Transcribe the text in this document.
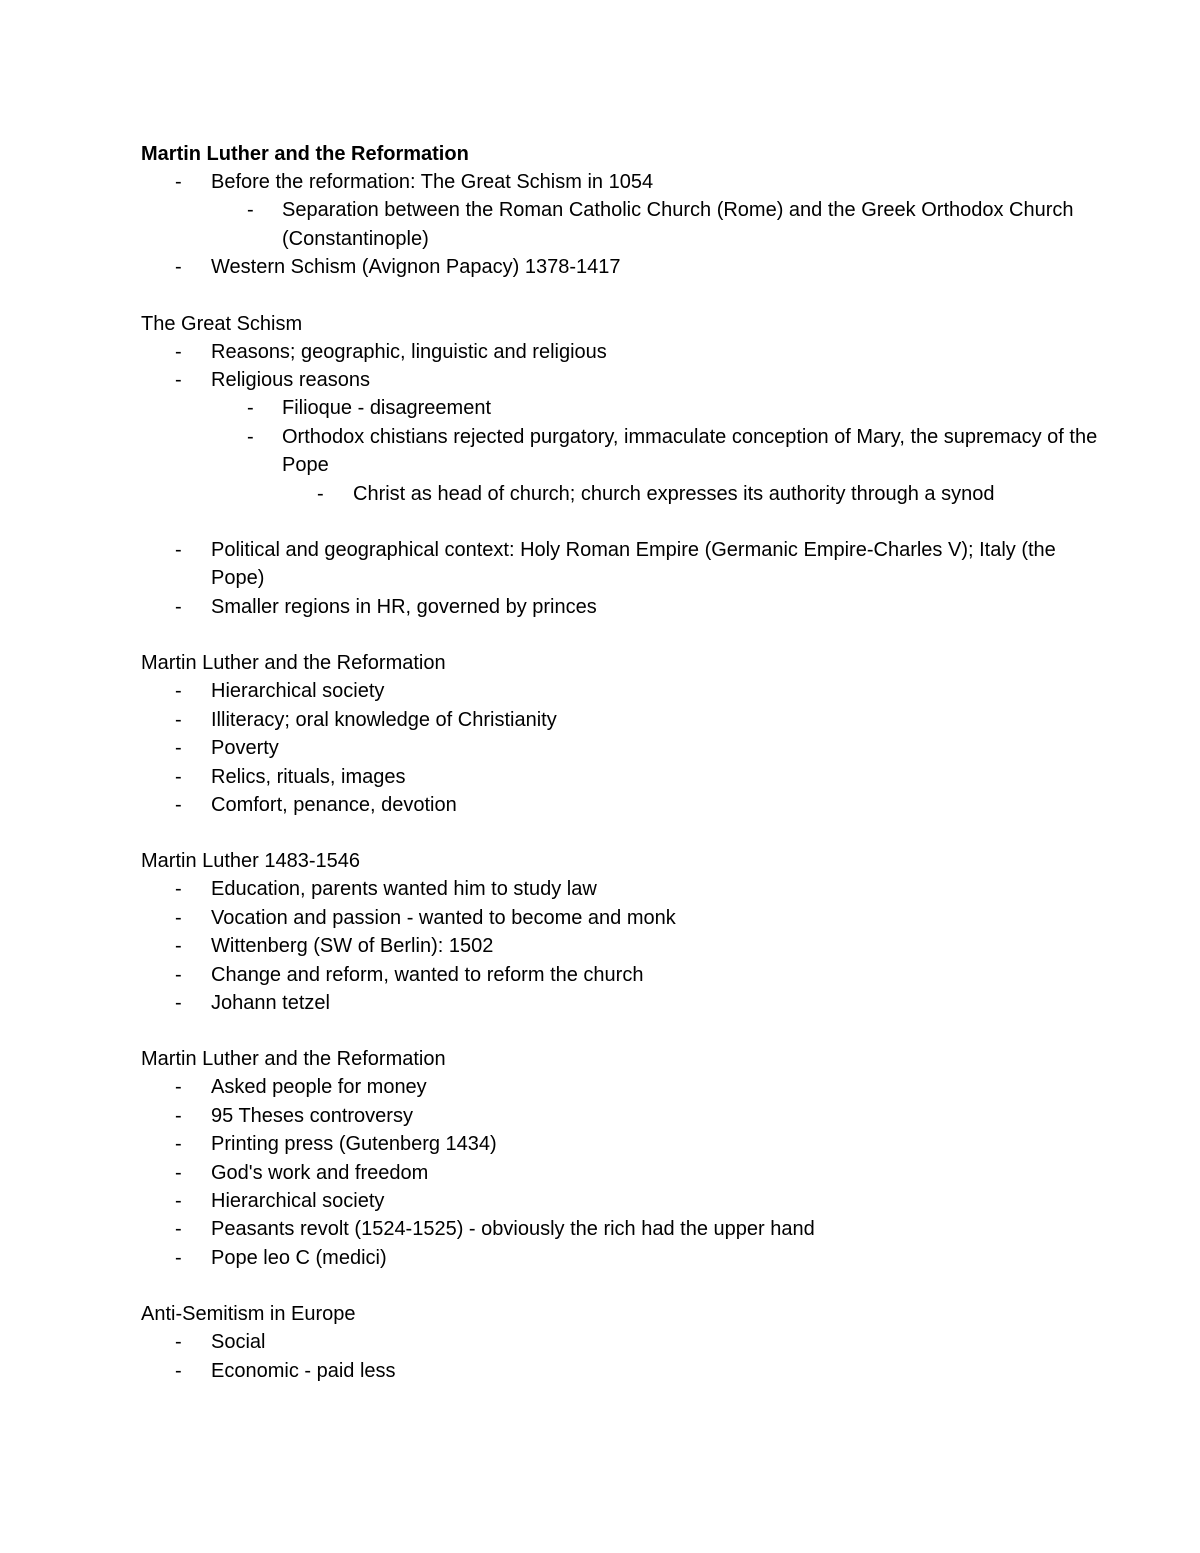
Martin Luther and the Reformation

- Before the reformation: The Great Schism in 1054
- Separation between the Roman Catholic Church (Rome) and the Greek Orthodox Church (Constantinople)
- Western Schism (Avignon Papacy) 1378-1417

The Great Schism

- Reasons; geographic, linguistic and religious
- Religious reasons
- Filioque - disagreement
- Orthodox chistians rejected purgatory, immaculate conception of Mary, the supremacy of the Pope
- Christ as head of church; church expresses its authority through a synod
- Political and geographical context: Holy Roman Empire (Germanic Empire-Charles V); Italy (the Pope)
- Smaller regions in HR, governed by princes

Martin Luther and the Reformation

- Hierarchical society
- Illiteracy; oral knowledge of Christianity
- Poverty
- Relics, rituals, images
- Comfort, penance, devotion

Martin Luther 1483-1546

- Education, parents wanted him to study law
- Vocation and passion - wanted to become and monk
- Wittenberg (SW of Berlin): 1502
- Change and reform, wanted to reform the church
- Johann tetzel

Martin Luther and the Reformation

- Asked people for money
- 95 Theses controversy
- Printing press (Gutenberg 1434)
- God's work and freedom
- Hierarchical society
- Peasants revolt (1524-1525) - obviously the rich had the upper hand
- Pope leo C (medici)

Anti-Semitism in Europe

- Social
- Economic - paid less
